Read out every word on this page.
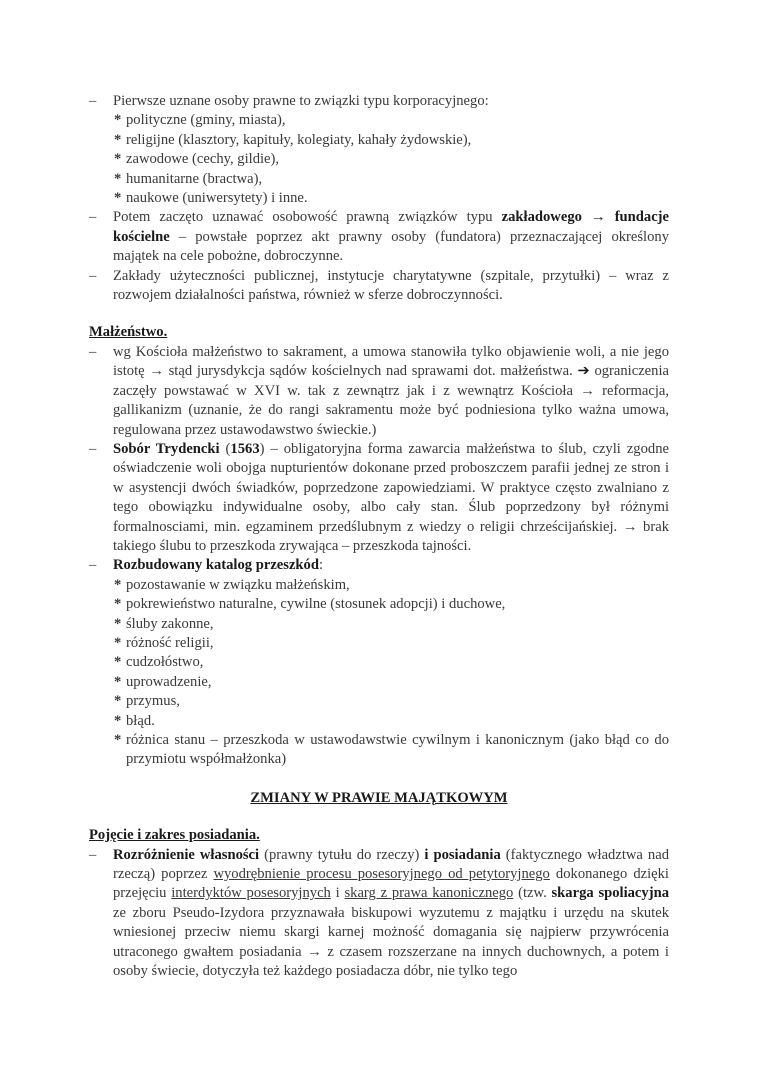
– Pierwsze uznane osoby prawne to związki typu korporacyjnego:
* polityczne (gminy, miasta),
* religijne (klasztory, kapituły, kolegiaty, kahały żydowskie),
* zawodowe (cechy, gildie),
* humanitarne (bractwa),
* naukowe (uniwersytety) i inne.
– Potem zaczęto uznawać osobowość prawną związków typu zakładowego → fundacje kościelne – powstałe poprzez akt prawny osoby (fundatora) przeznaczającej określony majątek na cele pobożne, dobroczynne.
– Zakłady użyteczności publicznej, instytucje charytatywne (szpitale, przytułki) – wraz z rozwojem działalności państwa, również w sferze dobroczynności.
Małżeństwo.
– wg Kościoła małżeństwo to sakrament, a umowa stanowiła tylko objawienie woli, a nie jego istotę → stąd jurysdykcja sądów kościelnych nad sprawami dot. małżeństwa. ➔ ograniczenia zaczęły powstawać w XVI w. tak z zewnątrz jak i z wewnątrz Kościoła → reformacja, gallikanizm (uznanie, że do rangi sakramentu może być podniesiona tylko ważna umowa, regulowana przez ustawodawstwo świeckie.)
– Sobór Trydencki (1563) – obligatoryjna forma zawarcia małżeństwa to ślub, czyli zgodne oświadczenie woli obojga nupturientów dokonane przed proboszczem parafii jednej ze stron i w asystencji dwóch świadków, poprzedzone zapowiedziami. W praktyce często zwalniano z tego obowiązku indywidualne osoby, albo cały stan. Ślub poprzedzony był różnymi formalnosciami, min. egzaminem przedślubnym z wiedzy o religii chrześcijańskiej. → brak takiego ślubu to przeszkoda zrywająca – przeszkoda tajności.
– Rozbudowany katalog przeszkód:
* pozostawanie w związku małżeńskim,
* pokrewieństwo naturalne, cywilne (stosunek adopcji) i duchowe,
* śluby zakonne,
* różność religii,
* cudzołóstwo,
* uprowadzenie,
* przymus,
* błąd.
* różnica stanu – przeszkoda w ustawodawstwie cywilnym i kanonicznym (jako błąd co do przymiotu współmałżonka)
ZMIANY W PRAWIE MAJĄTKOWYM
Pojęcie i zakres posiadania.
– Rozróżnienie własności (prawny tytułu do rzeczy) i posiadania (faktycznego władztwa nad rzeczą) poprzez wyodrębnienie procesu posesoryjnego od petytoryjnego dokonanego dzięki przejęciu interdyktów posesoryjnych i skarg z prawa kanonicznego (tzw. skarga spoliacyjna ze zboru Pseudo-Izydora przyznawała biskupowi wyzutemu z majątku i urzędu na skutek wniesionej przeciw niemu skargi karnej możność domagania się najpierw przywrócenia utraconego gwałtem posiadania → z czasem rozszerzane na innych duchownych, a potem i osoby świecie, dotyczyła też każdego posiadacza dóbr, nie tylko tego
